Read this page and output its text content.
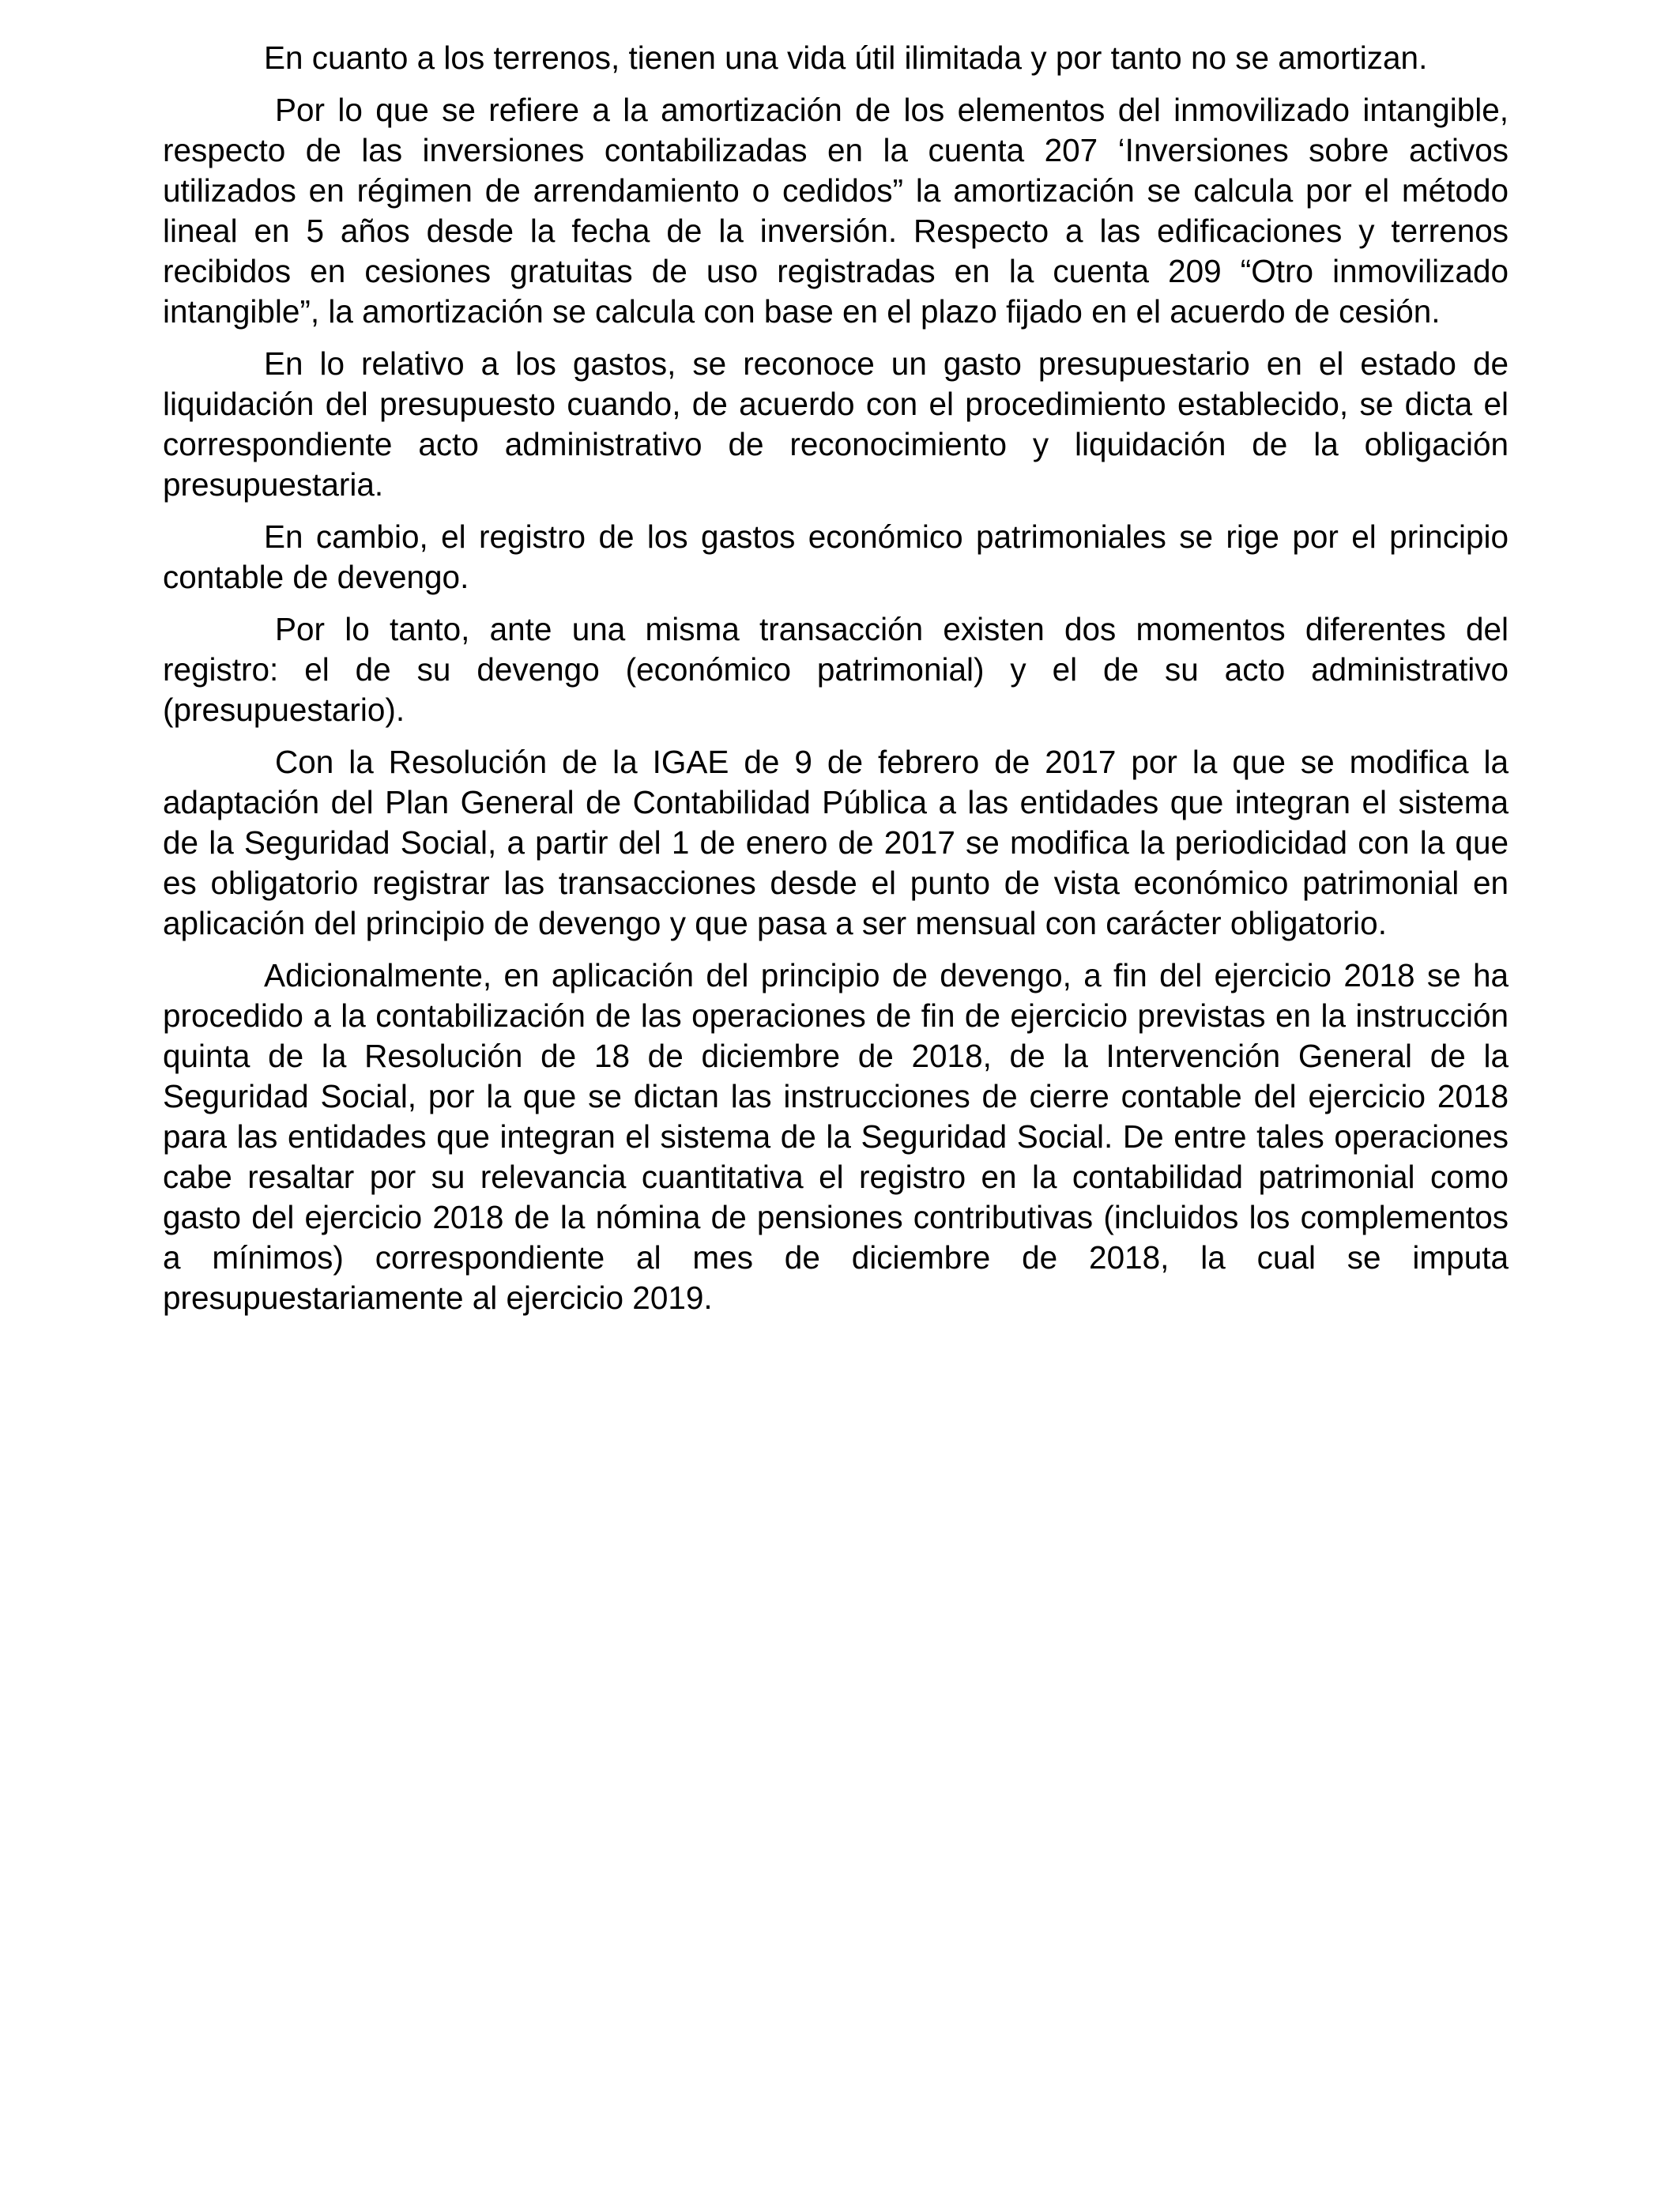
En cuanto a los terrenos, tienen una vida útil ilimitada y por tanto no se amortizan.

Por lo que se refiere a la amortización de los elementos del inmovilizado intangible, respecto de las inversiones contabilizadas en la cuenta 207 ‘Inversiones sobre activos utilizados en régimen de arrendamiento o cedidos” la amortización se calcula por el método lineal en 5 años desde la fecha de la inversión. Respecto a las edificaciones y terrenos recibidos en cesiones gratuitas de uso registradas en la cuenta 209 “Otro inmovilizado intangible”, la amortización se calcula con base en el plazo fijado en el acuerdo de cesión.

En lo relativo a los gastos, se reconoce un gasto presupuestario en el estado de liquidación del presupuesto cuando, de acuerdo con el procedimiento establecido, se dicta el correspondiente acto administrativo de reconocimiento y liquidación de la obligación presupuestaria.

En cambio, el registro de los gastos económico patrimoniales se rige por el principio contable de devengo.

Por lo tanto, ante una misma transacción existen dos momentos diferentes del registro: el de su devengo (económico patrimonial) y el de su acto administrativo (presupuestario).

Con la Resolución de la IGAE de 9 de febrero de 2017 por la que se modifica la adaptación del Plan General de Contabilidad Pública a las entidades que integran el sistema de la Seguridad Social, a partir del 1 de enero de 2017 se modifica la periodicidad con la que es obligatorio registrar las transacciones desde el punto de vista económico patrimonial en aplicación del principio de devengo y que pasa a ser mensual con carácter obligatorio.

Adicionalmente, en aplicación del principio de devengo, a fin del ejercicio 2018 se ha procedido a la contabilización de las operaciones de fin de ejercicio previstas en la instrucción quinta de la Resolución de 18 de diciembre de 2018, de la Intervención General de la Seguridad Social, por la que se dictan las instrucciones de cierre contable del ejercicio 2018 para las entidades que integran el sistema de la Seguridad Social. De entre tales operaciones cabe resaltar por su relevancia cuantitativa el registro en la contabilidad patrimonial como gasto del ejercicio 2018 de la nómina de pensiones contributivas (incluidos los complementos a mínimos) correspondiente al mes de diciembre de 2018, la cual se imputa presupuestariamente al ejercicio 2019.
